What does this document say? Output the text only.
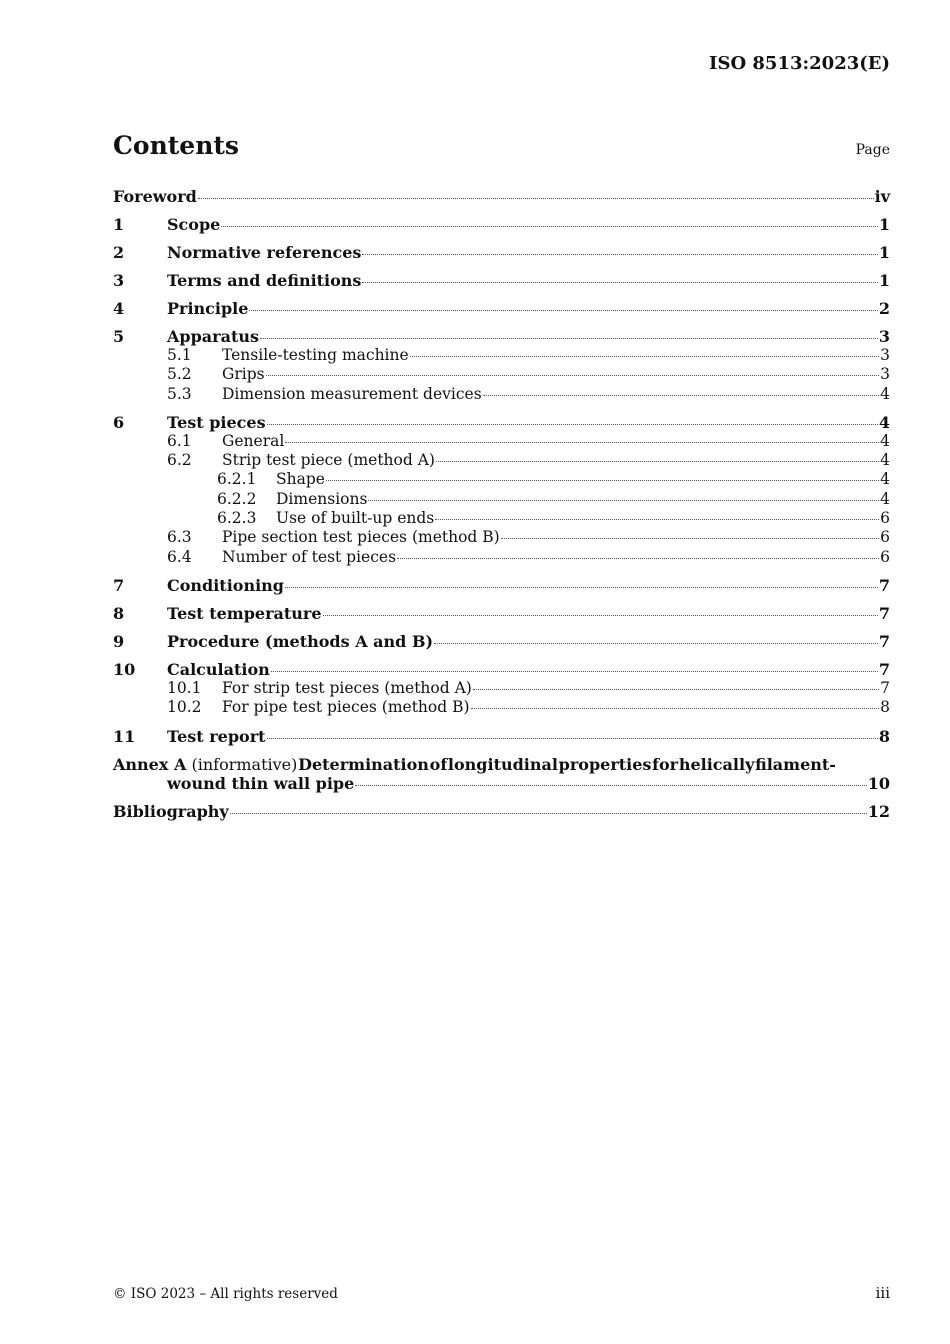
ISO 8513:2023(E)
Contents	Page
Foreword	iv
1	Scope	1
2	Normative references	1
3	Terms and definitions	1
4	Principle	2
5	Apparatus	3
5.1	Tensile-testing machine	3
5.2	Grips	3
5.3	Dimension measurement devices	4
6	Test pieces	4
6.1	General	4
6.2	Strip test piece (method A)	4
6.2.1	Shape	4
6.2.2	Dimensions	4
6.2.3	Use of built-up ends	6
6.3	Pipe section test pieces (method B)	6
6.4	Number of test pieces	6
7	Conditioning	7
8	Test temperature	7
9	Procedure (methods A and B)	7
10	Calculation	7
10.1	For strip test pieces (method A)	7
10.2	For pipe test pieces (method B)	8
11	Test report	8
Annex A (informative) Determination of longitudinal properties for helically filament-
wound thin wall pipe	10
Bibliography	12
© ISO 2023 – All rights reserved	iii
